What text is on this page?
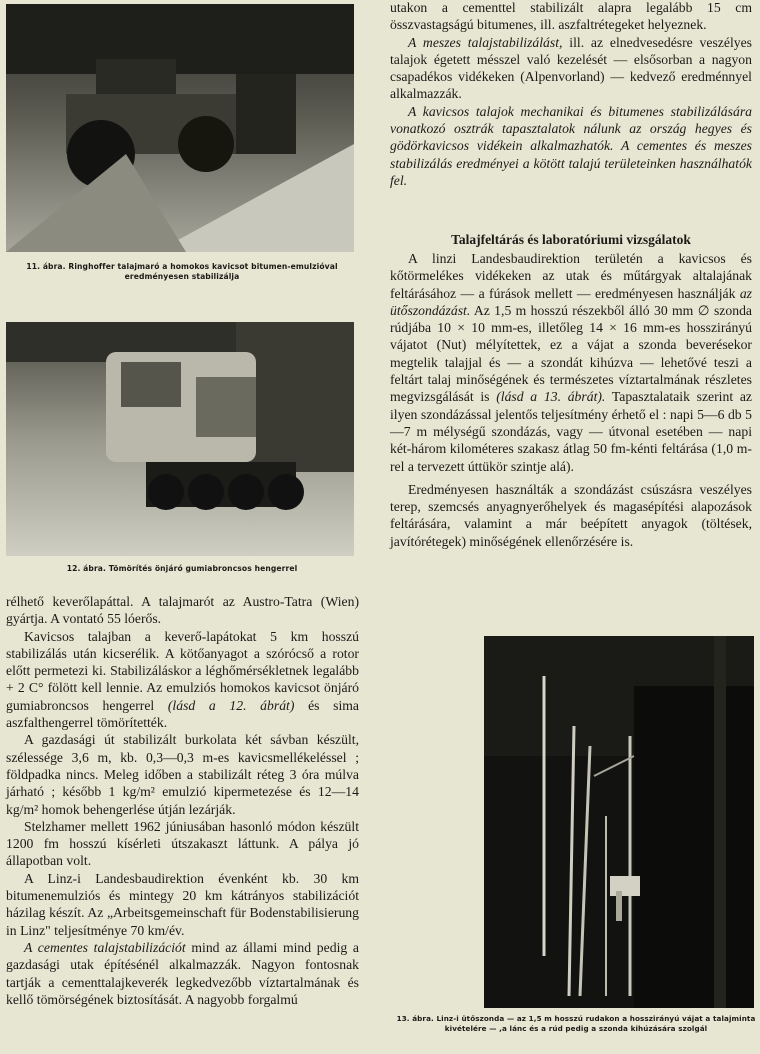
11. ábra. Ringhoffer talajmaró a homokos kavicsot bitumen-emulzióval eredményesen stabilizálja
12. ábra. Tömörítés önjáró gumiabroncsos hengerrel

rélhető keverőlapáttal. A talajmarót az Austro-Tatra (Wien) gyártja. A vontató 55 lóerős.

Kavicsos talajban a keverő-lapátokat 5 km hosszú stabilizálás után kicserélik. A kötőanyagot a szórócső a rotor előtt permetezi ki. Stabilizáláskor a léghőmérsékletnek legalább + 2 C° fölött kell lennie. Az emulziós homokos kavicsot önjáró gumiabroncsos hengerrel (lásd a 12. ábrát) és sima aszfalthengerrel tömörítették.

A gazdasági út stabilizált burkolata két sávban készült, szélessége 3,6 m, kb. 0,3—0,3 m-es kavicsmellékeléssel ; földpadka nincs. Meleg időben a stabilizált réteg 3 óra múlva járható ; később 1 kg/m² emulzió kipermetezése és 12—14 kg/m² homok behengerlése útján lezárják.

Stelzhamer mellett 1962 júniusában hasonló módon készült 1200 fm hosszú kísérleti útszakaszt láttunk. A pálya jó állapotban volt.

A Linz-i Landesbaudirektion évenként kb. 30 km bitumenemulziós és mintegy 20 km kátrányos stabilizációt házilag készít. Az „Arbeitsgemeinschaft für Bodenstabilisierung in Linz" teljesítménye 70 km/év.

A cementes talajstabilizációt mind az állami mind pedig a gazdasági utak építésénél alkalmazzák. Nagyon fontosnak tartják a cementtalajkeverék legkedvezőbb víztartalmának és kellő tömörségének biztosítását. A nagyobb forgalmú

utakon a cementtel stabilizált alapra legalább 15 cm összvastagságú bitumenes, ill. aszfaltrétegeket helyeznek.

A meszes talajstabilizálást, ill. az elnedvesedésre veszélyes talajok égetett mésszel való kezelését — elsősorban a nagyon csapadékos vidékeken (Alpenvorland) — kedvező eredménnyel alkalmazzák.

A kavicsos talajok mechanikai és bitumenes stabilizálására vonatkozó osztrák tapasztalatok nálunk az ország hegyes és gödörkavicsos vidékein alkalmazhatók. A cementes és meszes stabilizálás eredményei a kötött talajú területeinken használhatók fel.

Talajfeltárás és laboratóriumi vizsgálatok

A linzi Landesbaudirektion területén a kavicsos és kőtörmelékes vidékeken az utak és műtárgyak altalajának feltárásához — a fúrások mellett — eredményesen használják az ütőszondázást. Az 1,5 m hosszú részekből álló 30 mm ∅ szonda rúdjába 10 × 10 mm-es, illetőleg 14 × 16 mm-es hosszirányú vájatot (Nut) mélyítettek, ez a vájat a szonda beverésekor megtelik talajjal és — a szondát kihúzva — lehetővé teszi a feltárt talaj minőségének és természetes víztartalmának részletes megvizsgálását is (lásd a 13. ábrát). Tapasztalataik szerint az ilyen szondázással jelentős teljesítmény érhető el : napi 5—6 db 5—7 m mélységű szondázás, vagy — útvonal esetében — napi két-három kilométeres szakasz átlag 50 fm-kénti feltárása (1,0 m-rel a tervezett úttükör szintje alá).

Eredményesen használták a szondázást csúszásra veszélyes terep, szemcsés anyagnyerőhelyek és magasépítési alapozások feltárására, valamint a már beépített anyagok (töltések, javítórétegek) minőségének ellenőrzésére is.

13. ábra. Linz-i ütőszonda — az 1,5 m hosszú rudakon a hosszirányú vájat a talajminta kivételére — ,a lánc és a rúd pedig a szonda kihúzására szolgál
